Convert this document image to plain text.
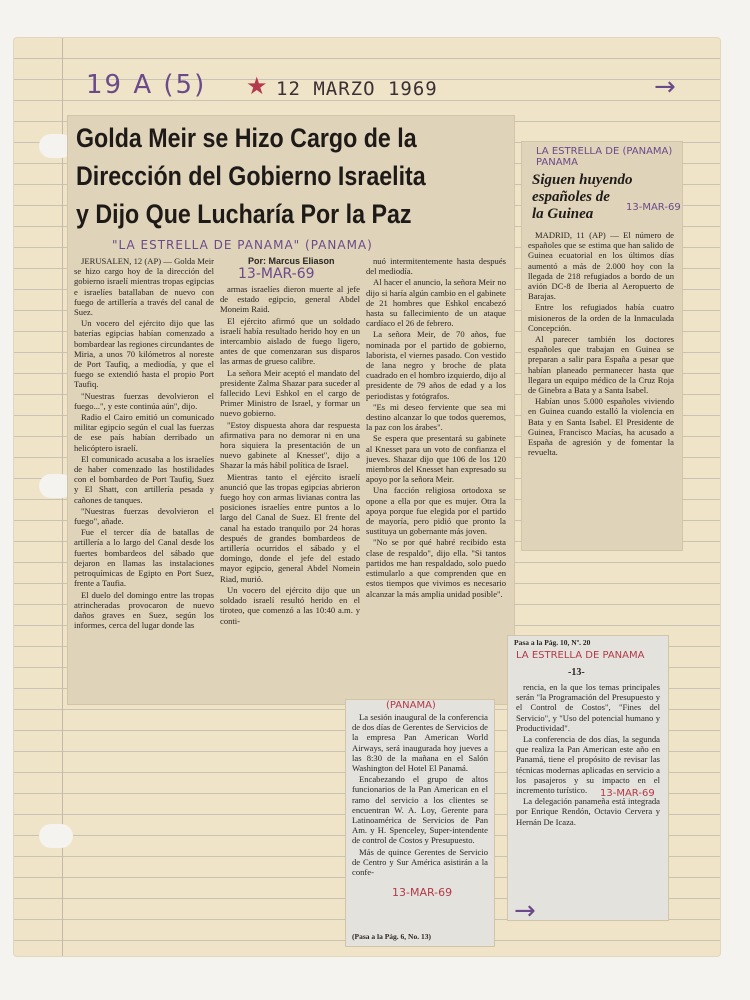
19 A (5) ★ 12 MARZO 1969	→
Golda Meir se Hizo Cargo de la
Dirección del Gobierno Israelita
y Dijo Que Lucharía Por la Paz
"LA ESTRELLA DE PANAMA" (PANAMA)
Por: Marcus Eliason
13-MAR-69

JERUSALEN, 12 (AP) — Golda Meir se hizo cargo hoy de la dirección del gobierno israelí mientras tropas egipcias e israelíes batallaban de nuevo con fuego de artillería a través del canal de Suez.

Un vocero del ejército dijo que las baterías egipcias habían comenzado a bombardear las regiones circundantes de Miria, a unos 70 kilómetros al noreste de Port Taufiq, a mediodía, y que el fuego se extendió hasta el propio Port Taufiq.

"Nuestras fuerzas devolvieron el fuego...", y este continúa aún", dijo.

Radio el Cairo emitió un comunicado militar egipcio según el cual las fuerzas de ese país habían derribado un helicóptero israelí.

El comunicado acusaba a los israelíes de haber comenzado las hostilidades con el bombardeo de Port Taufiq, Suez y El Shatt, con artillería pesada y cañones de tanques.

"Nuestras fuerzas devolvieron el fuego", añade.

Fue el tercer día de batallas de artillería a lo largo del Canal desde los fuertes bombardeos del sábado que dejaron en llamas las instalaciones petroquímicas de Egipto en Port Suez, frente a Taufia.

El duelo del domingo entre las tropas atrincheradas provocaron de nuevo daños graves en Suez, según los informes, cerca del lugar donde las

armas israelíes dieron muerte al jefe de estado egipcio, general Abdel Moneim Raid.

El ejército afirmó que un soldado israelí había resultado herido hoy en un intercambio aislado de fuego ligero, antes de que comenzaran sus disparos las armas de grueso calibre.

La señora Meir aceptó el mandato del presidente Zalma Shazar para suceder al fallecido Levi Eshkol en el cargo de Primer Ministro de Israel, y formar un nuevo gobierno.

"Estoy dispuesta ahora dar respuesta afirmativa para no demorar ni en una hora siquiera la presentación de un nuevo gabinete al Knesset", dijo a Shazar la más hábil política de Israel.

Mientras tanto el ejército israelí anunció que las tropas egipcias abrieron fuego hoy con armas livianas contra las posiciones israelíes entre puntos a lo largo del Canal de Suez. El frente del canal ha estado tranquilo por 24 horas después de grandes bombardeos de artillería ocurridos el sábado y el domingo, donde el jefe del estado mayor egipcio, general Abdel Nomein Riad, murió.

Un vocero del ejército dijo que un soldado israelí resultó herido en el tiroteo, que comenzó a las 10:40 a.m. y conti-

nuó intermitentemente hasta después del mediodía.

Al hacer el anuncio, la señora Meir no dijo si haría algún cambio en el gabinete de 21 hombres que Eshkol encabezó hasta su fallecimiento de un ataque cardíaco el 26 de febrero.

La señora Meir, de 70 años, fue nominada por el partido de gobierno, laborista, el viernes pasado. Con vestido de lana negro y broche de plata cuadrado en el hombro izquierdo, dijo al presidente de 79 años de edad y a los periodistas y fotógrafos.

"Es mi deseo ferviente que sea mi destino alcanzar lo que todos queremos, la paz con los árabes".

Se espera que presentará su gabinete al Knesset para un voto de confianza el jueves. Shazar dijo que 106 de los 120 miembros del Knesset han expresado su apoyo por la señora Meir.

Una facción religiosa ortodoxa se opone a ella por que es mujer. Otra la apoya porque fue elegida por el partido de mayoría, pero pidió que pronto la sustituya un gobernante más joven.

"No se por qué habré recibido esta clase de respaldo", dijo ella. "Si tantos partidos me han respaldado, solo puedo estimularlo a que comprenden que en estos tiempos que vivimos es necesario alcanzar la más amplia unidad posible".

LA ESTRELLA DE (PANAMA) PANAMA
Siguen huyendo
españoles de
la Guinea	13-MAR-69

MADRID, 11 (AP) — El número de españoles que se estima que han salido de Guinea ecuatorial en los últimos días aumentó a más de 2.000 hoy con la llegada de 218 refugiados a bordo de un avión DC-8 de Iberia al Aeropuerto de Barajas.

Entre los refugiados había cuatro misioneros de la orden de la Inmaculada Concepción.

Al parecer también los doctores españoles que trabajan en Guinea se preparan a salir para España a pesar que habían planeado permanecer hasta que llegara un equipo médico de la Cruz Roja de Ginebra a Bata y a Santa Isabel.

Habían unos 5.000 españoles viviendo en Guinea cuando estalló la violencia en Bata y en Santa Isabel. El Presidente de Guinea, Francisco Macías, ha acusado a España de agresión y de fomentar la revuelta.

(PANAMA)

La sesión inaugural de la conferencia de dos días de Gerentes de Servicios de la empresa Pan American World Airways, será inaugurada hoy jueves a las 8:30 de la mañana en el Salón Washington del Hotel El Panamá.

Encabezando el grupo de altos funcionarios de la Pan American en el ramo del servicio a los clientes se encuentran W. A. Loy, Gerente para Latinoamérica de Servicios de Pan Am. y H. Spenceley, Super-intendente de control de Costos y Presupuesto.

Más de quince Gerentes de Servicio de Centro y Sur América asistirán a la confe-

13-MAR-69
(Pasa a la Pág. 6, No. 13)
Pasa a la Pág. 10, Nº. 20
LA ESTRELLA DE PANAMA
-13-

rencia, en la que los temas principales serán "la Programación del Presupuesto y el Control de Costos", "Fines del Servicio", y "Uso del potencial humano y Productividad".

La conferencia de dos días, la segunda que realiza la Pan American este año en Panamá, tiene el propósito de revisar las técnicas modernas aplicadas en servicio a los pasajeros y su impacto en el incremento turístico.

La delegación panameña está integrada por Enrique Rendón, Octavio Cervera y Hernán De Icaza.

13-MAR-69
→
